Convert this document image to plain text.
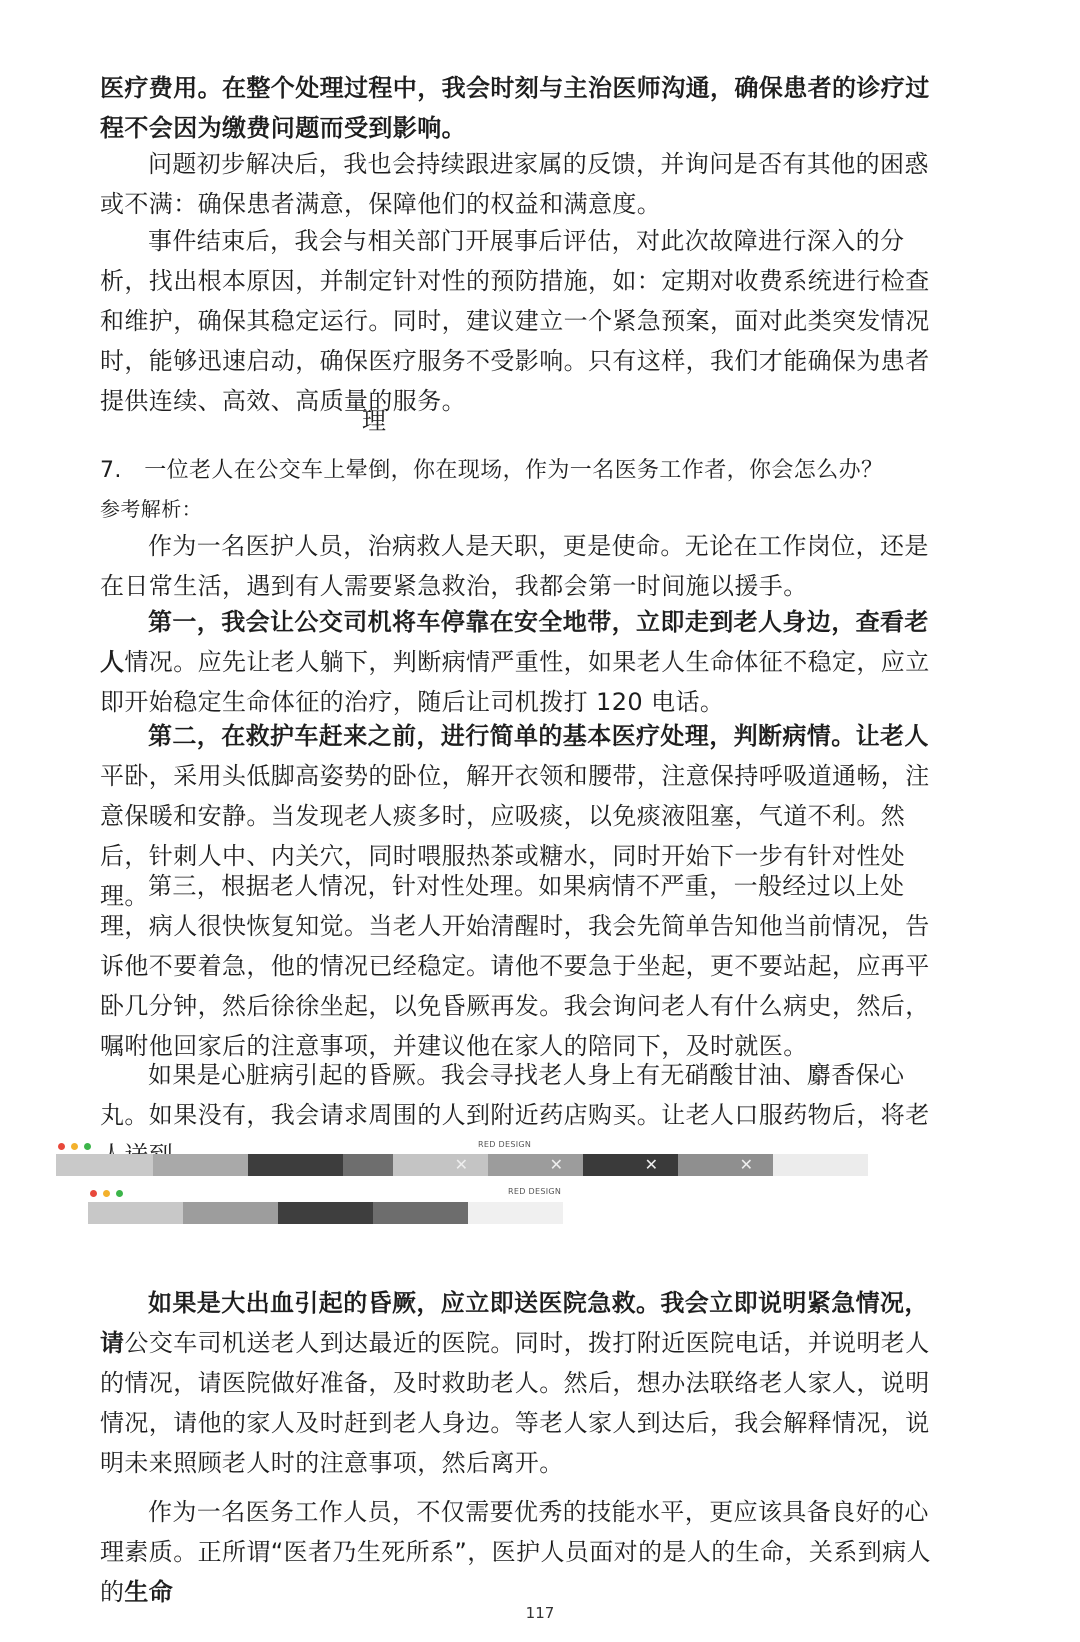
医疗费用。在整个处理过程中，我会时刻与主治医师沟通，确保患者的诊疗过程不会因为缴费问题而受到影响。

问题初步解决后，我也会持续跟进家属的反馈，并询问是否有其他的困惑或不满：确保患者满意，保障他们的权益和满意度。

事件结束后，我会与相关部门开展事后评估，对此次故障进行深入的分析，找出根本原因，并制定针对性的预防措施，如：定期对收费系统进行检查和维护，确保其稳定运行。同时，建议建立一个紧急预案，面对此类突发情况时，能够迅速启动，确保医疗服务不受影响。只有这样，我们才能确保为患者提供连续、高效、高质量的服务。

理

7.　一位老人在公交车上晕倒，你在现场，作为一名医务工作者，你会怎么办？

参考解析：

作为一名医护人员，治病救人是天职，更是使命。无论在工作岗位，还是在日常生活，遇到有人需要紧急救治，我都会第一时间施以援手。

第一，我会让公交司机将车停靠在安全地带，立即走到老人身边，查看老人情况。应先让老人躺下，判断病情严重性，如果老人生命体征不稳定，应立即开始稳定生命体征的治疗，随后让司机拨打 120 电话。

第二，在救护车赶来之前，进行简单的基本医疗处理，判断病情。让老人平卧，采用头低脚高姿势的卧位，解开衣领和腰带，注意保持呼吸道通畅，注意保暖和安静。当发现老人痰多时，应吸痰，以免痰液阻塞，气道不利。然后，针刺人中、内关穴，同时喂服热茶或糖水，同时开始下一步有针对性处理。 第三，根据老人情况，针对性处理。如果病情不严重，一般经过以上处理，病人很快恢复知觉。当老人开始清醒时，我会先简单告知他当前情况，告诉他不要着急，他的情况已经稳定。请他不要急于坐起，更不要站起，应再平卧几分钟，然后徐徐坐起，以免昏厥再发。我会询问老人有什么病史，然后，嘱咐他回家后的注意事项，并建议他在家人的陪同下，及时就医。

如果是心脏病引起的昏厥。我会寻找老人身上有无硝酸甘油、麝香保心丸。如果没有，我会请求周围的人到附近药店购买。让老人口服药物后，将老

RED DESIGN
✕	✕	✕	✕
RED DESIGN

如果是大出血引起的昏厥，应立即送医院急救。我会立即说明紧急情况，请公交车司机送老人到达最近的医院。同时，拨打附近医院电话，并说明老人的情况，请医院做好准备，及时救助老人。然后，想办法联络老人家人，说明情况，请他的家人及时赶到老人身边。等老人家人到达后，我会解释情况，说明未来照顾老人时的注意事项，然后离开。

作为一名医务工作人员，不仅需要优秀的技能水平，更应该具备良好的心理素质。正所谓“医者乃生死所系”，医护人员面对的是人的生命，关系到病人的生命

117
